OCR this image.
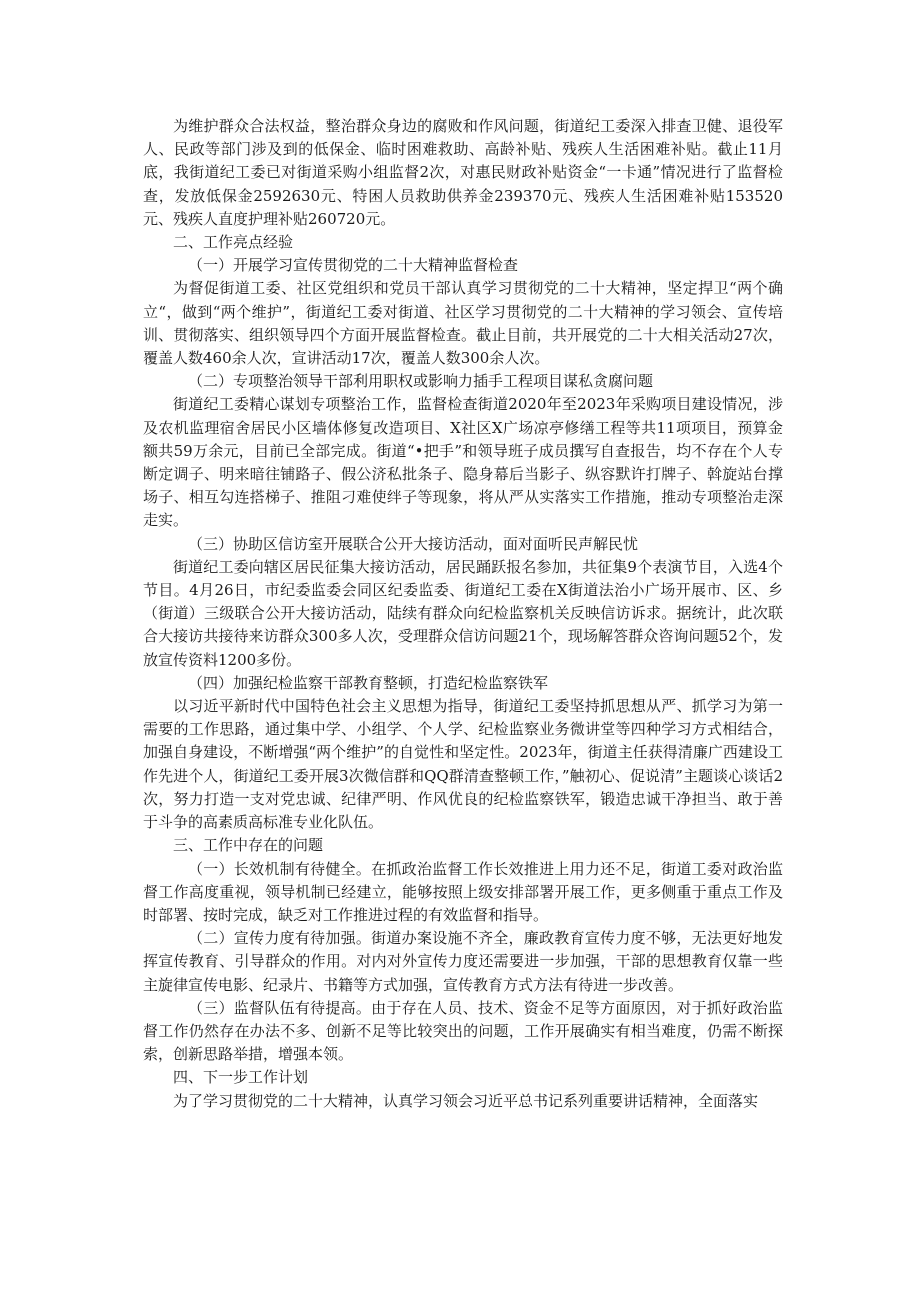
为维护群众合法权益，整治群众身边的腐败和作风问题，街道纪工委深入排查卫健、退役军人、民政等部门涉及到的低保金、临时困难救助、高龄补贴、残疾人生活困难补贴。截止11月底，我街道纪工委已对街道采购小组监督2次，对惠民财政补贴资金“一卡通”情况进行了监督检查，发放低保金2592630元、特困人员救助供养金239370元、残疾人生活困难补贴153520元、残疾人直度护理补贴260720元。

二、工作亮点经验

（一）开展学习宣传贯彻党的二十大精神监督检查

为督促街道工委、社区党组织和党员干部认真学习贯彻党的二十大精神，坚定捍卫“两个确立“，做到“两个维护”，街道纪工委对街道、社区学习贯彻党的二十大精神的学习领会、宣传培训、贯彻落实、组织领导四个方面开展监督检查。截止目前，共开展党的二十大相关活动27次，覆盖人数460余人次，宣讲活动17次，覆盖人数300余人次。

（二）专项整治领导干部利用职权或影响力插手工程项目谋私贪腐问题

街道纪工委精心谋划专项整治工作，监督检查街道2020年至2023年采购项目建设情况，涉及农机监理宿舍居民小区墙体修复改造项目、X社区X广场凉亭修缮工程等共11项项目，预算金额共59万余元，目前已全部完成。街道“•把手”和领导班子成员撰写自查报告，均不存在个人专断定调子、明来暗往铺路子、假公济私批条子、隐身幕后当影子、纵容默许打牌子、斡旋站台撑场子、相互勾连搭梯子、推阻刁难使绊子等现象，将从严从实落实工作措施，推动专项整治走深走实。

（三）协助区信访室开展联合公开大接访活动，面对面听民声解民忧

街道纪工委向辖区居民征集大接访活动，居民踊跃报名参加，共征集9个表演节目，入选4个节目。4月26日，市纪委监委会同区纪委监委、街道纪工委在X街道法治小广场开展市、区、乡（街道）三级联合公开大接访活动，陆续有群众向纪检监察机关反映信访诉求。据统计，此次联合大接访共接待来访群众300多人次，受理群众信访问题21个，现场解答群众咨询问题52个，发放宣传资料1200多份。

（四）加强纪检监察干部教育整顿，打造纪检监察铁军

以习近平新时代中国特色社会主义思想为指导，街道纪工委坚持抓思想从严、抓学习为第一需要的工作思路，通过集中学、小组学、个人学、纪检监察业务微讲堂等四种学习方式相结合，加强自身建设，不断增强“两个维护”的自觉性和坚定性。2023年，街道主任获得清廉广西建设工作先进个人，街道纪工委开展3次微信群和QQ群清查整顿工作，”触初心、促说清”主题谈心谈话2次，努力打造一支对党忠诚、纪律严明、作风优良的纪检监察铁军，锻造忠诚干净担当、敢于善于斗争的高素质高标准专业化队伍。

三、工作中存在的问题

（一）长效机制有待健全。在抓政治监督工作长效推进上用力还不足，街道工委对政治监督工作高度重视，领导机制已经建立，能够按照上级安排部署开展工作，更多侧重于重点工作及时部署、按时完成，缺乏对工作推进过程的有效监督和指导。

（二）宣传力度有待加强。街道办案设施不齐全，廉政教育宣传力度不够，无法更好地发挥宣传教育、引导群众的作用。对内对外宣传力度还需要进一步加强，干部的思想教育仅靠一些主旋律宣传电影、纪录片、书籍等方式加强，宣传教育方式方法有待进一步改善。

（三）监督队伍有待提高。由于存在人员、技术、资金不足等方面原因，对于抓好政治监督工作仍然存在办法不多、创新不足等比较突出的问题，工作开展确实有相当难度，仍需不断探索，创新思路举措，增强本领。

四、下一步工作计划

为了学习贯彻党的二十大精神，认真学习领会习近平总书记系列重要讲话精神，全面落实
